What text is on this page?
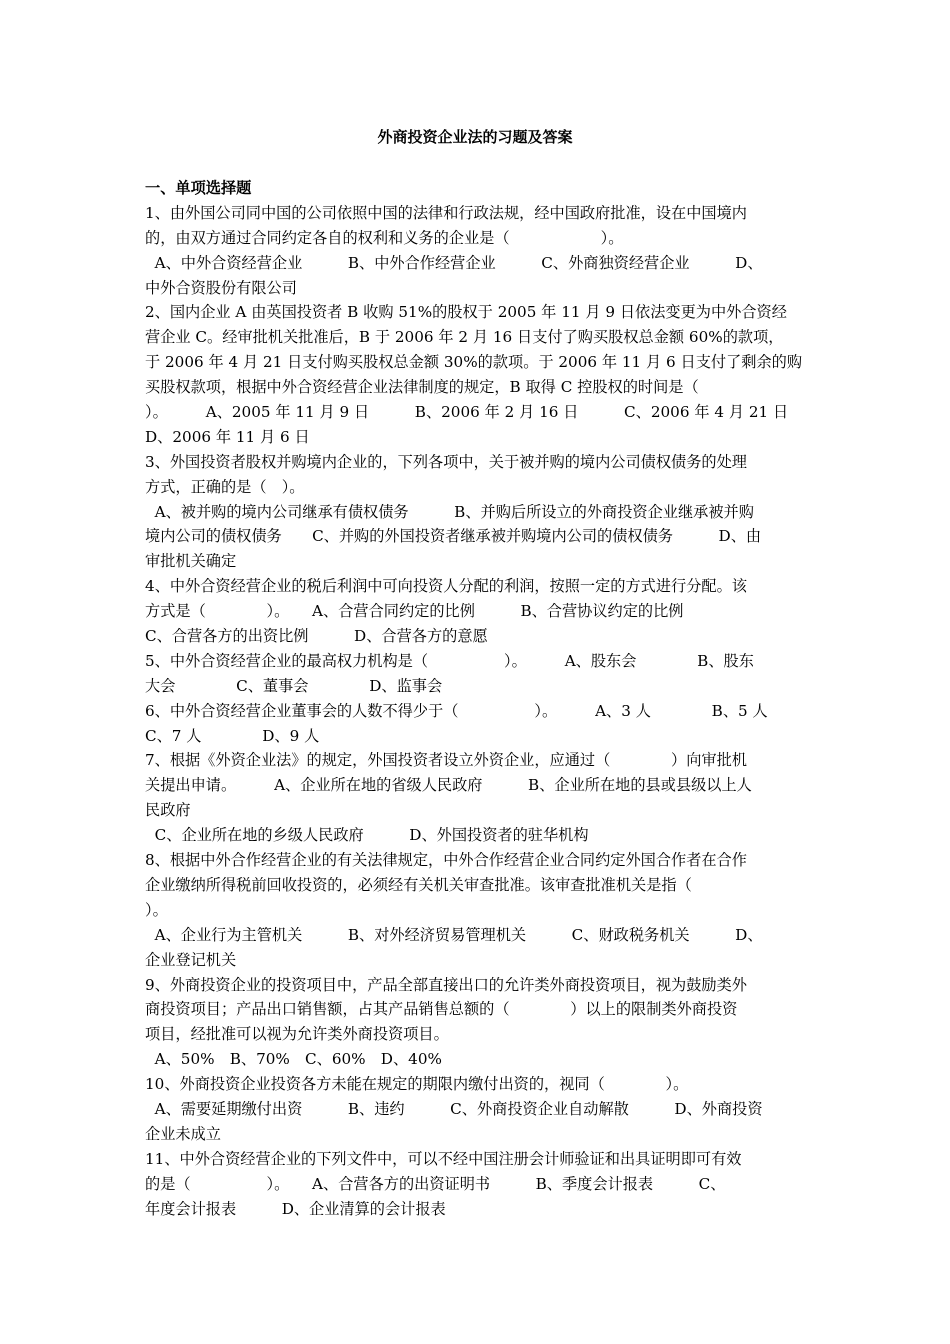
外商投资企业法的习题及答案
一、单项选择题
1、由外国公司同中国的公司依照中国的法律和行政法规，经中国政府批准，设在中国境内
的，由双方通过合同约定各自的权利和义务的企业是（　　　　　　）。
A、中外合资经营企业　　　B、中外合作经营企业　　　C、外商独资经营企业　　　D、
中外合资股份有限公司
2、国内企业 A 由英国投资者 B 收购 51%的股权于 2005 年 11 月 9 日依法变更为中外合资经
营企业 C。经审批机关批准后，B 于 2006 年 2 月 16 日支付了购买股权总金额 60%的款项，
于 2006 年 4 月 21 日支付购买股权总金额 30%的款项。于 2006 年 11 月 6 日支付了剩余的购
买股权款项，根据中外合资经营企业法律制度的规定，B 取得 C 控股权的时间是（
）。　　　A、2005 年 11 月 9 日　　　B、2006 年 2 月 16 日　　　C、2006 年 4 月 21 日
D、2006 年 11 月 6 日
3、外国投资者股权并购境内企业的，下列各项中，关于被并购的境内公司债权债务的处理
方式，正确的是（　）。
A、被并购的境内公司继承有债权债务　　　B、并购后所设立的外商投资企业继承被并购
境内公司的债权债务　　C、并购的外国投资者继承被并购境内公司的债权债务　　　D、由
审批机关确定
4、中外合资经营企业的税后利润中可向投资人分配的利润，按照一定的方式进行分配。该
方式是（　　　　）。　　A、合营合同约定的比例　　　B、合营协议约定的比例
C、合营各方的出资比例　　　D、合营各方的意愿
5、中外合资经营企业的最高权力机构是（　　　　　）。　　　A、股东会　　　　B、股东
大会　　　　C、董事会　　　　D、监事会
6、中外合资经营企业董事会的人数不得少于（　　　　　）。　　　A、3 人　　　　B、5 人
C、7 人　　　　D、9 人
7、根据《外资企业法》的规定，外国投资者设立外资企业，应通过（　　　　）向审批机
关提出申请。　　　A、企业所在地的省级人民政府　　　B、企业所在地的县或县级以上人
民政府
C、企业所在地的乡级人民政府　　　D、外国投资者的驻华机构
8、根据中外合作经营企业的有关法律规定，中外合作经营企业合同约定外国合作者在合作
企业缴纳所得税前回收投资的，必须经有关机关审查批准。该审查批准机关是指（
）。
A、企业行为主管机关　　　B、对外经济贸易管理机关　　　C、财政税务机关　　　D、
企业登记机关
9、外商投资企业的投资项目中，产品全部直接出口的允许类外商投资项目，视为鼓励类外
商投资项目；产品出口销售额，占其产品销售总额的（　　　　）以上的限制类外商投资
项目，经批准可以视为允许类外商投资项目。
A、50%　B、70%　C、60%　D、40%
10、外商投资企业投资各方未能在规定的期限内缴付出资的，视同（　　　　）。
A、需要延期缴付出资　　　B、违约　　　C、外商投资企业自动解散　　　D、外商投资
企业未成立
11、中外合资经营企业的下列文件中，可以不经中国注册会计师验证和出具证明即可有效
的是（　　　　　）。　　A、合营各方的出资证明书　　　B、季度会计报表　　　C、
年度会计报表　　　D、企业清算的会计报表
